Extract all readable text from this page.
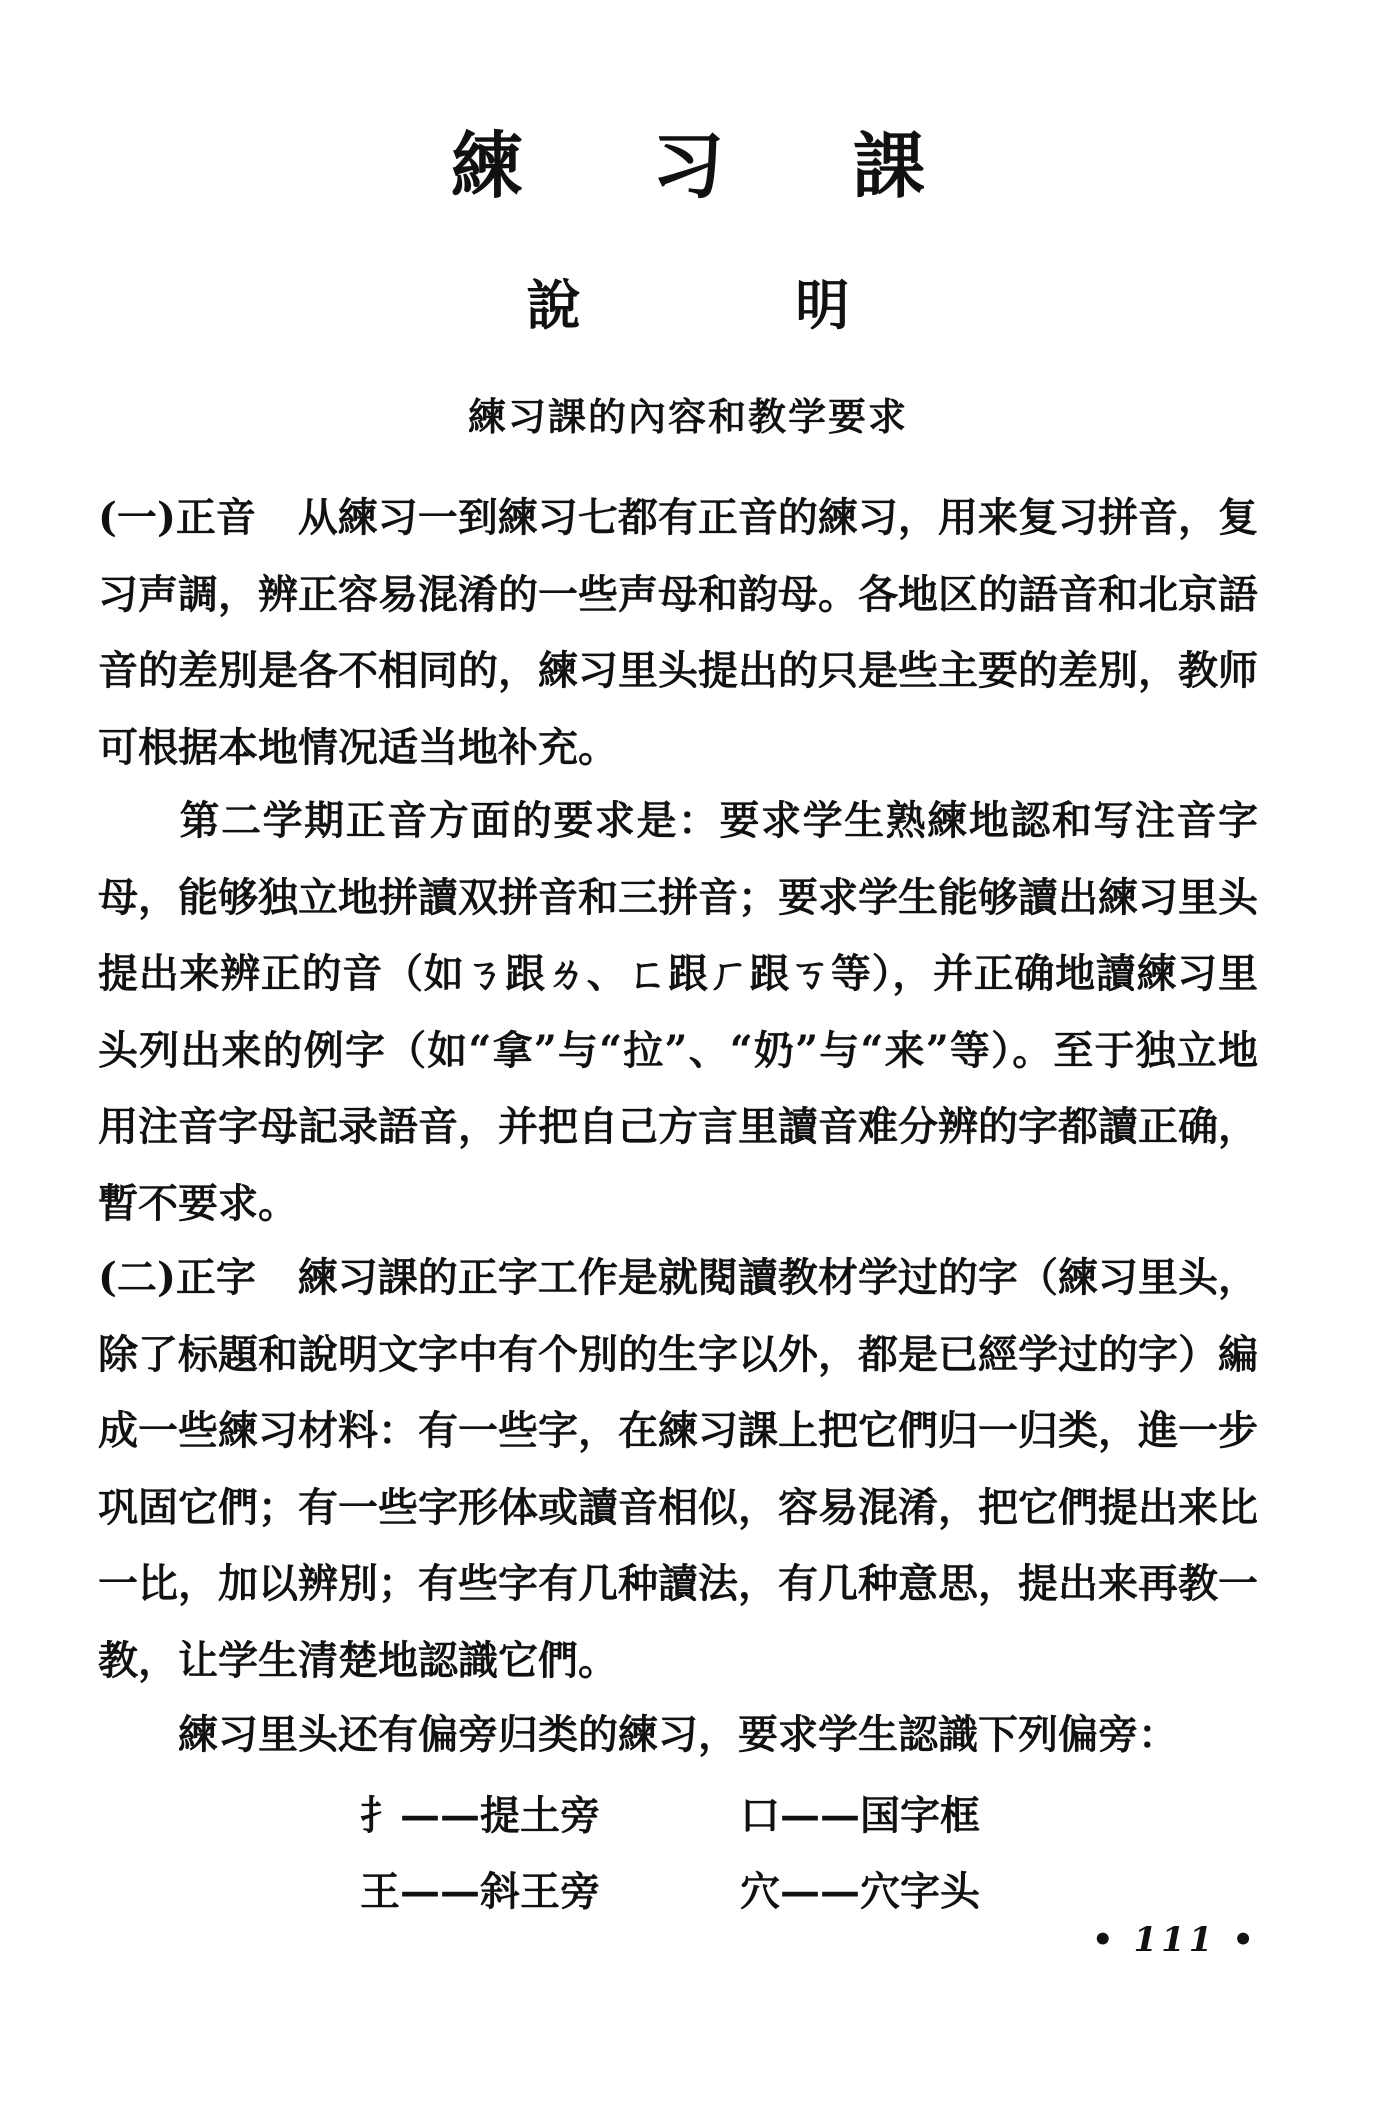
練 习 課
說 明
練习課的內容和教学要求

(一)正音 从練习一到練习七都有正音的練习，用来复习拼音，复习声調，辨正容易混淆的一些声母和韵母。各地区的語音和北京語音的差別是各不相同的，練习里头提出的只是些主要的差別，教师可根据本地情况适当地补充。

第二学期正音方面的要求是：要求学生熟練地認和写注音字母，能够独立地拼讀双拼音和三拼音；要求学生能够讀出練习里头提出来辨正的音（如ㄋ跟ㄌ、ㄈ跟ㄏ跟ㄎ等），并正确地讀練习里头列出来的例字（如“拿”与“拉”、“奶”与“来”等）。至于独立地用注音字母記录語音，并把自己方言里讀音难分辨的字都讀正确，暫不要求。

(二)正字 練习課的正字工作是就閱讀教材学过的字（練习里头，除了标題和說明文字中有个別的生字以外，都是已經学过的字）編成一些練习材料：有一些字，在練习課上把它們归一归类，進一步巩固它們；有一些字形体或讀音相似，容易混淆，把它們提出来比一比，加以辨別；有些字有几种讀法，有几种意思，提出来再教一教，让学生清楚地認識它們。

練习里头还有偏旁归类的練习，要求学生認識下列偏旁：

扌——提土旁	口——国字框
王——斜王旁	穴——穴字头
• 111 •
